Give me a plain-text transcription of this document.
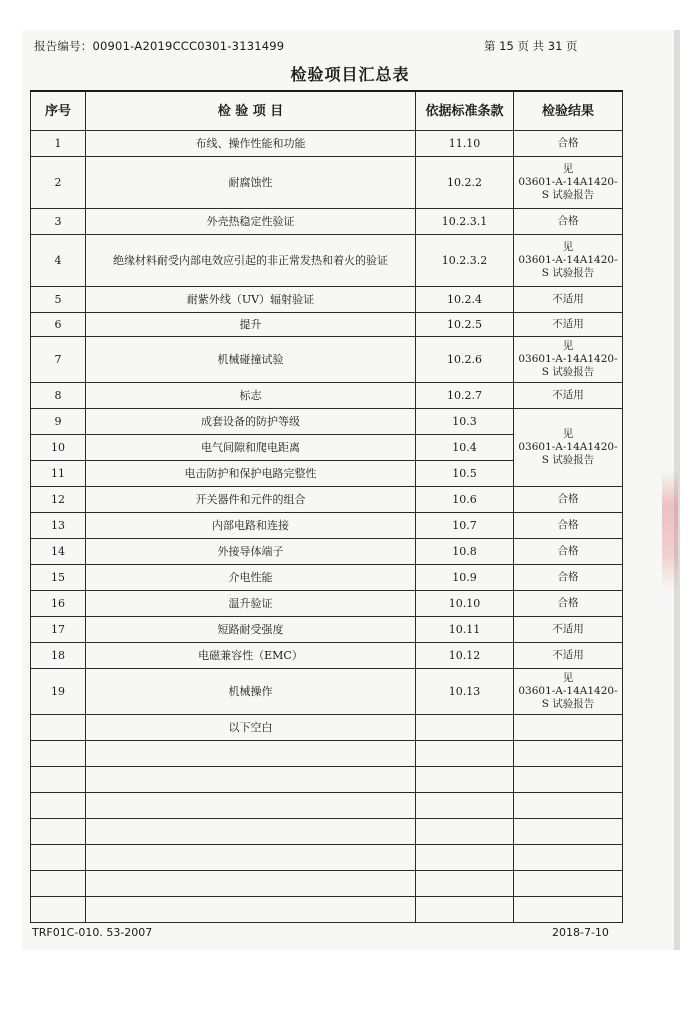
报告编号：00901-A2019CCC0301-3131499	第 15 页 共 31 页
检验项目汇总表
序号	检 验 项 目	依据标准条款	检验结果
1	布线、操作性能和功能	11.10	合格
2	耐腐蚀性	10.2.2	见
03601-A-14A1420-
S 试验报告
3	外壳热稳定性验证	10.2.3.1	合格
4	绝缘材料耐受内部电效应引起的非正常发热和着火的验证	10.2.3.2	见
03601-A-14A1420-
S 试验报告
5	耐紫外线（UV）辐射验证	10.2.4	不适用
6	提升	10.2.5	不适用
7	机械碰撞试验	10.2.6	见
03601-A-14A1420-
S 试验报告
8	标志	10.2.7	不适用
9	成套设备的防护等级	10.3	见
03601-A-14A1420-
S 试验报告
10	电气间隙和爬电距离	10.4	
11	电击防护和保护电路完整性	10.5	
12	开关器件和元件的组合	10.6	合格
13	内部电路和连接	10.7	合格
14	外接导体端子	10.8	合格
15	介电性能	10.9	合格
16	温升验证	10.10	合格
17	短路耐受强度	10.11	不适用
18	电磁兼容性（EMC）	10.12	不适用
19	机械操作	10.13	见
03601-A-14A1420-
S 试验报告
	以下空白		

TRF01C-010. 53-2007	2018-7-10
